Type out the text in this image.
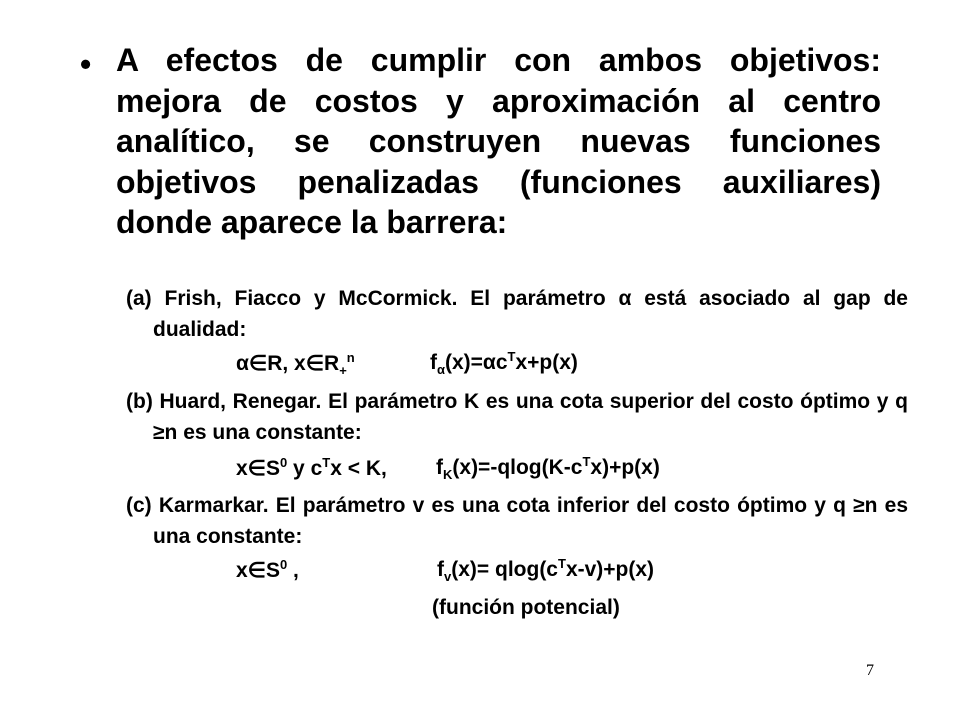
• A efectos de cumplir con ambos objetivos: mejora de costos y aproximación al centro analítico, se construyen nuevas funciones objetivos penalizadas (funciones auxiliares) donde aparece la barrera:
(a) Frish, Fiacco y McCormick. El parámetro α está asociado al gap de dualidad:
α∈R, $x\in R_+^n$	$f_\alpha(x)=\alpha c^Tx+p(x)$
(b) Huard, Renegar. El parámetro K es una cota superior del costo óptimo y q ≥n es una constante:
$x\in S^0$ y $c^Tx < K$, $f_K(x)=-qlog(K-c^Tx)+p(x)$
(c) Karmarkar. El parámetro v es una cota inferior del costo óptimo y q ≥n es una constante:
$x\in S^0$ ,	$f_v(x)= qlog(c^Tx-v)+p(x)$
(función potencial)
7
